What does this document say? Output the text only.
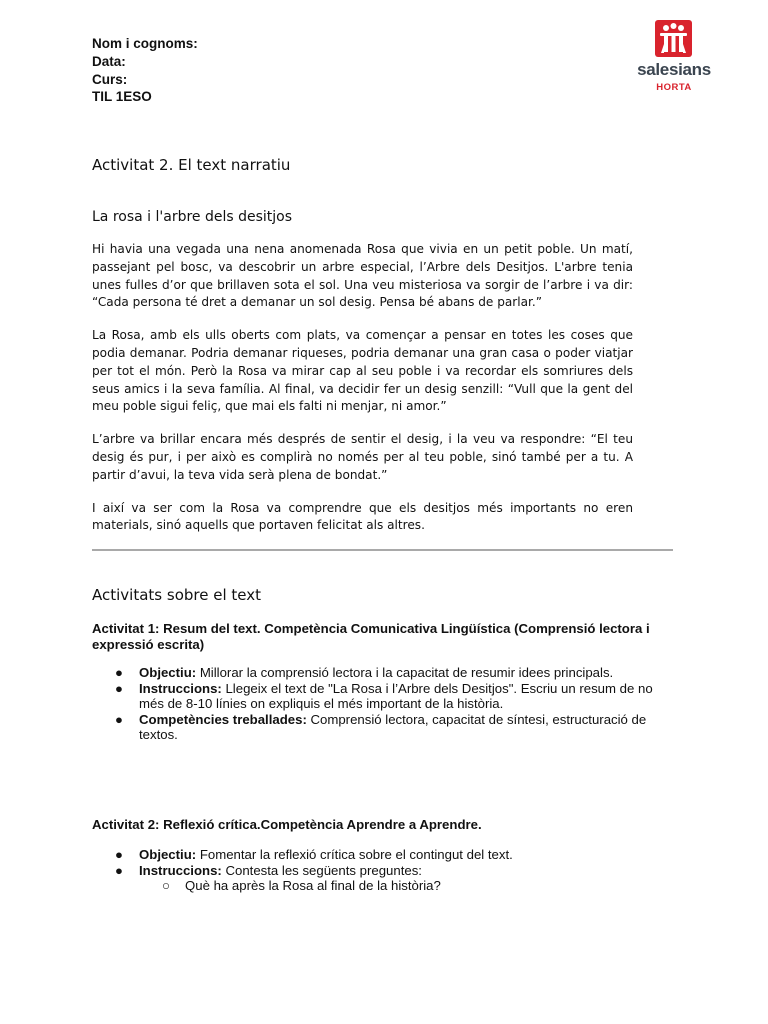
Nom i cognoms:
Data:
Curs:
TIL 1ESO
salesians
HORTA
Activitat 2. El text narratiu
La rosa i l'arbre dels desitjos

Hi havia una vegada una nena anomenada Rosa que vivia en un petit poble. Un matí, passejant pel bosc, va descobrir un arbre especial, l’Arbre dels Desitjos. L'arbre tenia unes fulles d’or que brillaven sota el sol. Una veu misteriosa va sorgir de l’arbre i va dir: “Cada persona té dret a demanar un sol desig. Pensa bé abans de parlar.”

La Rosa, amb els ulls oberts com plats, va començar a pensar en totes les coses que podia demanar. Podria demanar riqueses, podria demanar una gran casa o poder viatjar per tot el món. Però la Rosa va mirar cap al seu poble i va recordar els somriures dels seus amics i la seva família. Al final, va decidir fer un desig senzill: “Vull que la gent del meu poble sigui feliç, que mai els falti ni menjar, ni amor.”

L’arbre va brillar encara més després de sentir el desig, i la veu va respondre: “El teu desig és pur, i per això es complirà no només per al teu poble, sinó també per a tu. A partir d’avui, la teva vida serà plena de bondat.”

I així va ser com la Rosa va comprendre que els desitjos més importants no eren materials, sinó aquells que portaven felicitat als altres.

Activitats sobre el text
Activitat 1: Resum del text. Competència Comunicativa Lingüística (Comprensió lectora i expressió escrita)
● Objectiu: Millorar la comprensió lectora i la capacitat de resumir idees principals.
● Instruccions: Llegeix el text de "La Rosa i l’Arbre dels Desitjos". Escriu un resum de no més de 8-10 línies on expliquis el més important de la història.
● Competències treballades: Comprensió lectora, capacitat de síntesi, estructuració de textos.
Activitat 2: Reflexió crítica.Competència Aprendre a Aprendre.
● Objectiu: Fomentar la reflexió crítica sobre el contingut del text.
● Instruccions: Contesta les següents preguntes:
○ Què ha après la Rosa al final de la història?
